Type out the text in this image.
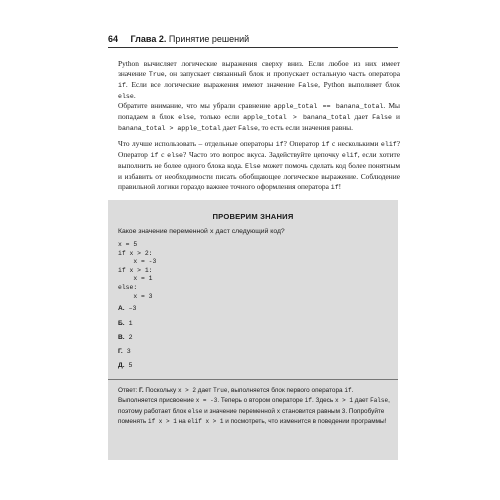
64 Глава 2. Принятие решений

Python вычисляет логические выражения сверху вниз. Если любое из них имеет значение True, он запускает связанный блок и пропускает остальную часть оператора if. Если все логические выражения имеют значение False, Python выполняет блок else.

Обратите внимание, что мы убрали сравнение apple_total == banana_total. Мы попадаем в блок else, только если apple_total > banana_total дает False и banana_total > apple_total дает False, то есть если значения равны.

Что лучше использовать – отдельные операторы if? Оператор if с несколькими elif? Оператор if с else? Часто это вопрос вкуса. Задействуйте цепочку elif, если хотите выполнить не более одного блока кода. Else может помочь сделать код более понятным и избавить от необходимости писать обобщающее логическое выражение. Соблюдение правильной логики гораздо важнее точного оформления оператора if!

ПРОВЕРИМ ЗНАНИЯ
Какое значение переменной x даст следующий код?
x = 5
if x > 2:
x = -3
if x > 1:
x = 1
else:
x = 3
А. –3
Б. 1
В. 2
Г. 3
Д. 5
Ответ: Г. Поскольку x > 2 дает True, выполняется блок первого оператора if. Выполняется присвоение x = -3. Теперь о втором операторе if. Здесь x > 1 дает False, поэтому работает блок else и значение переменной x становится равным 3. Попробуйте поменять if x > 1 на elif x > 1 и посмотреть, что изменится в поведении программы!
